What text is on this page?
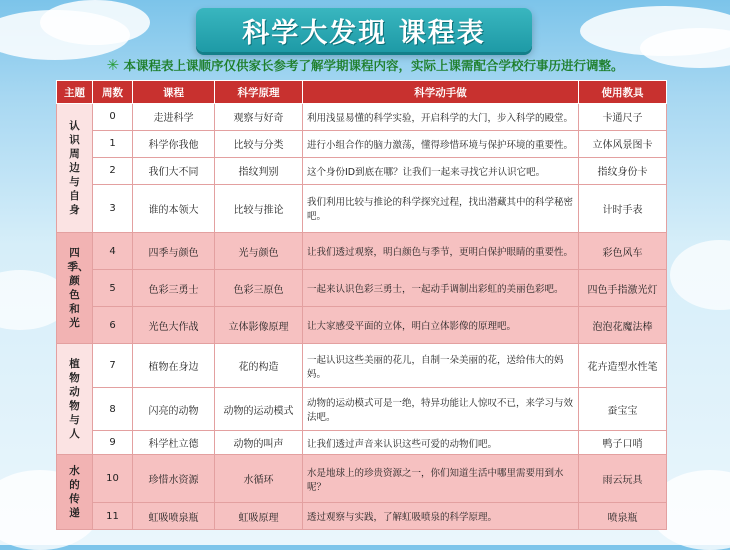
科学大发现 课程表
✳ 本课程表上课顺序仅供家长参考了解学期课程内容，实际上课需配合学校行事历进行调整。
主题	周数	课程	科学原理	科学动手做	使用教具
认识周边与自身	0	走进科学	观察与好奇	利用浅显易懂的科学实验，开启科学的大门，步入科学的殿堂。	卡通尺子
	1	科学你我他	比较与分类	进行小组合作的脑力激荡，懂得珍惜环境与保护环境的重要性。	立体风景图卡
	2	我们大不同	指纹判别	这个身份ID到底在哪？让我们一起来寻找它并认识它吧。	指纹身份卡
	3	谁的本领大	比较与推论	我们利用比较与推论的科学探究过程，找出潜藏其中的科学秘密吧。	计时手表
四季、颜色和光	4	四季与颜色	光与颜色	让我们透过观察，明白颜色与季节，更明白保护眼睛的重要性。	彩色风车
	5	色彩三勇士	色彩三原色	一起来认识色彩三勇士，一起动手调制出彩虹的美丽色彩吧。	四色手指激光灯
	6	光色大作战	立体影像原理	让大家感受平面的立体，明白立体影像的原理吧。	泡泡花魔法棒
植物动物与人	7	植物在身边	花的构造	一起认识这些美丽的花儿，自制一朵美丽的花，送给伟大的妈妈。	花卉造型水性笔
	8	闪亮的动物	动物的运动模式	动物的运动模式可是一绝，特异功能让人惊叹不已，来学习与效法吧。	蚕宝宝
	9	科学杜立德	动物的叫声	让我们透过声音来认识这些可爱的动物们吧。	鸭子口哨
水的传递	10	珍惜水资源	水循环	水是地球上的珍贵资源之一，你们知道生活中哪里需要用到水呢？	雨云玩具
	11	虹吸喷泉瓶	虹吸原理	透过观察与实践，了解虹吸喷泉的科学原理。	喷泉瓶
